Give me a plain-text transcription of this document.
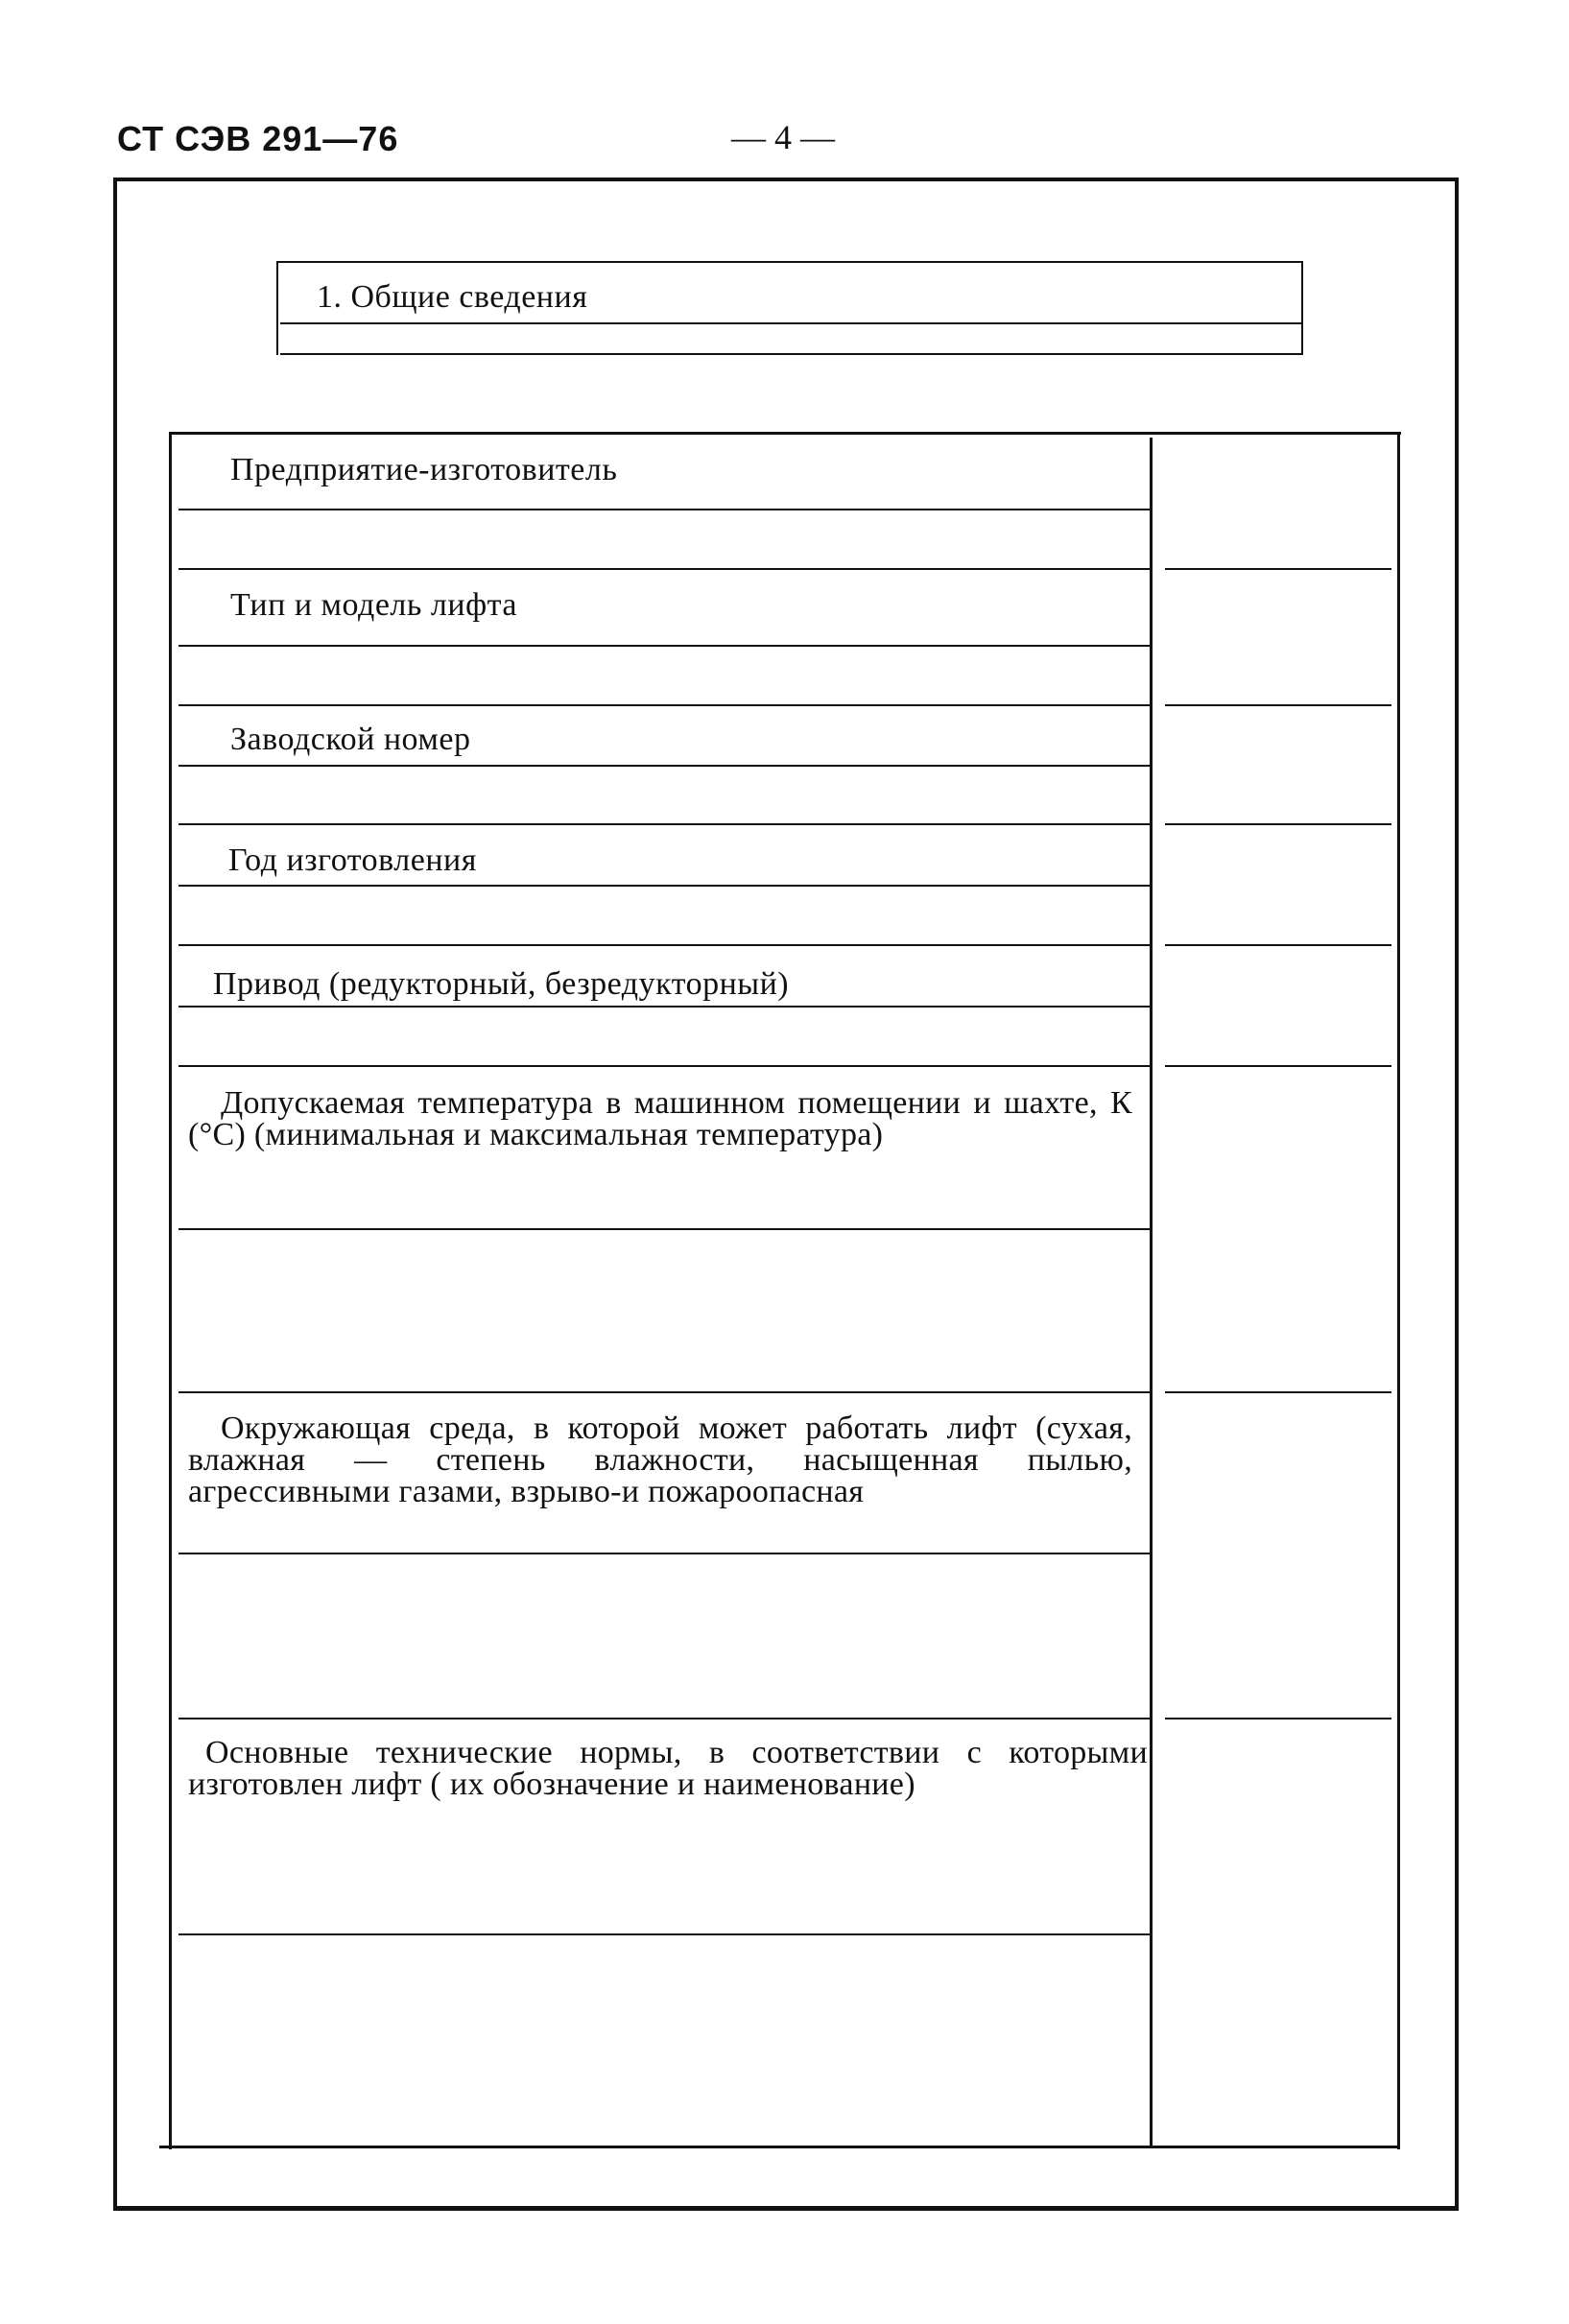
СТ СЭВ 291—76	— 4 —
1. Общие сведения
Предприятие-изготовитель
Тип и модель лифта
Заводской номер
Год изготовления
Привод (редукторный, безредукторный)
Допускаемая температура в машинном помещении и шахте, К (°С) (минимальная и максимальная температура)
Окружающая среда, в которой может работать лифт (сухая, влажная — степень влажности, насыщенная пылью, агрессивными газами, взрыво-и пожароопасная
Основные технические нормы, в соответствии с которыми изготовлен лифт ( их обозначение и наименование)
